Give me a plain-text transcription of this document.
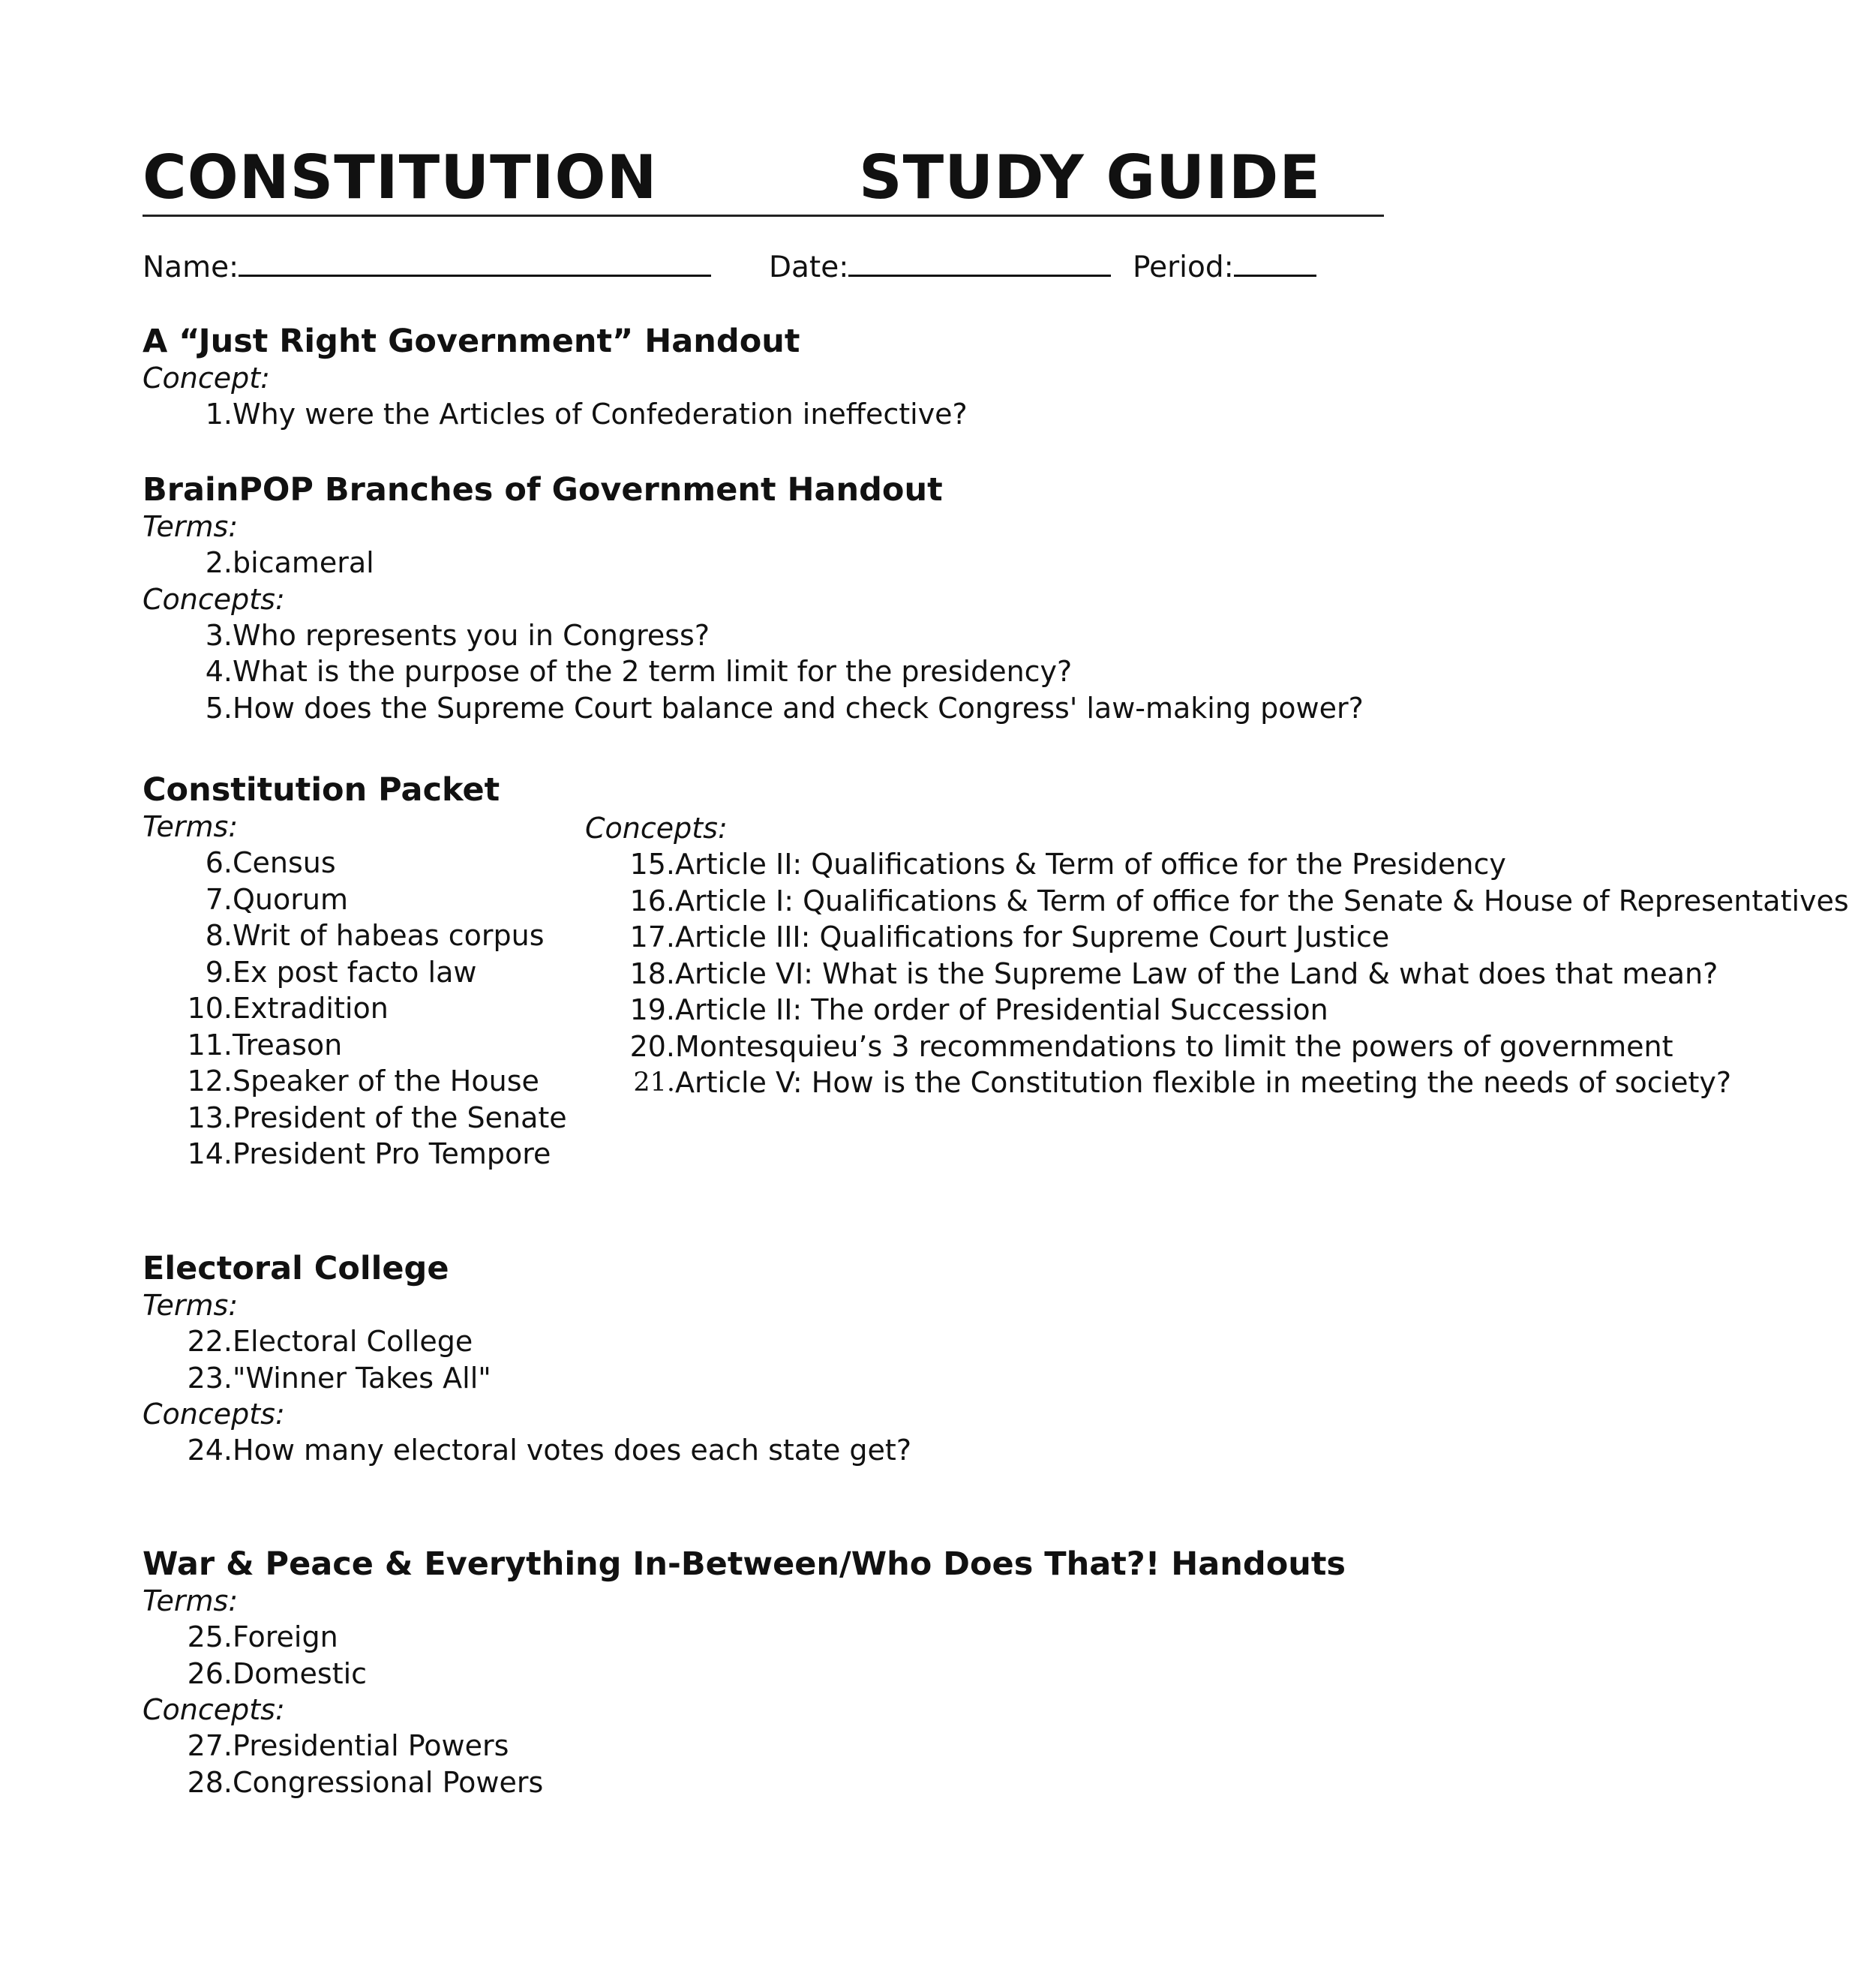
CONSTITUTION	STUDY GUIDE
Name:	Date:	Period:

A “Just Right Government” Handout

Concept:

1. Why were the Articles of Confederation ineffective?

BrainPOP Branches of Government Handout

Terms:

2. bicameral

Concepts:

3. Who represents you in Congress?
4. What is the purpose of the 2 term limit for the presidency?
5. How does the Supreme Court balance and check Congress' law-making power?

Constitution Packet

Terms:

6. Census
7. Quorum
8. Writ of habeas corpus
9. Ex post facto law
10. Extradition
11. Treason
12. Speaker of the House
13. President of the Senate
14. President Pro Tempore

Concepts:

15. Article II: Qualifications & Term of office for the Presidency
16. Article I: Qualifications & Term of office for the Senate & House of Representatives
17. Article III: Qualifications for Supreme Court Justice
18. Article VI: What is the Supreme Law of the Land & what does that mean?
19. Article II: The order of Presidential Succession
20. Montesquieu’s 3 recommendations to limit the powers of government
21. Article V: How is the Constitution flexible in meeting the needs of society?

Electoral College

Terms:

22. Electoral College
23. "Winner Takes All"

Concepts:

24. How many electoral votes does each state get?

War & Peace & Everything In-Between/Who Does That?! Handouts

Terms:

25. Foreign
26. Domestic

Concepts:

27. Presidential Powers
28. Congressional Powers
